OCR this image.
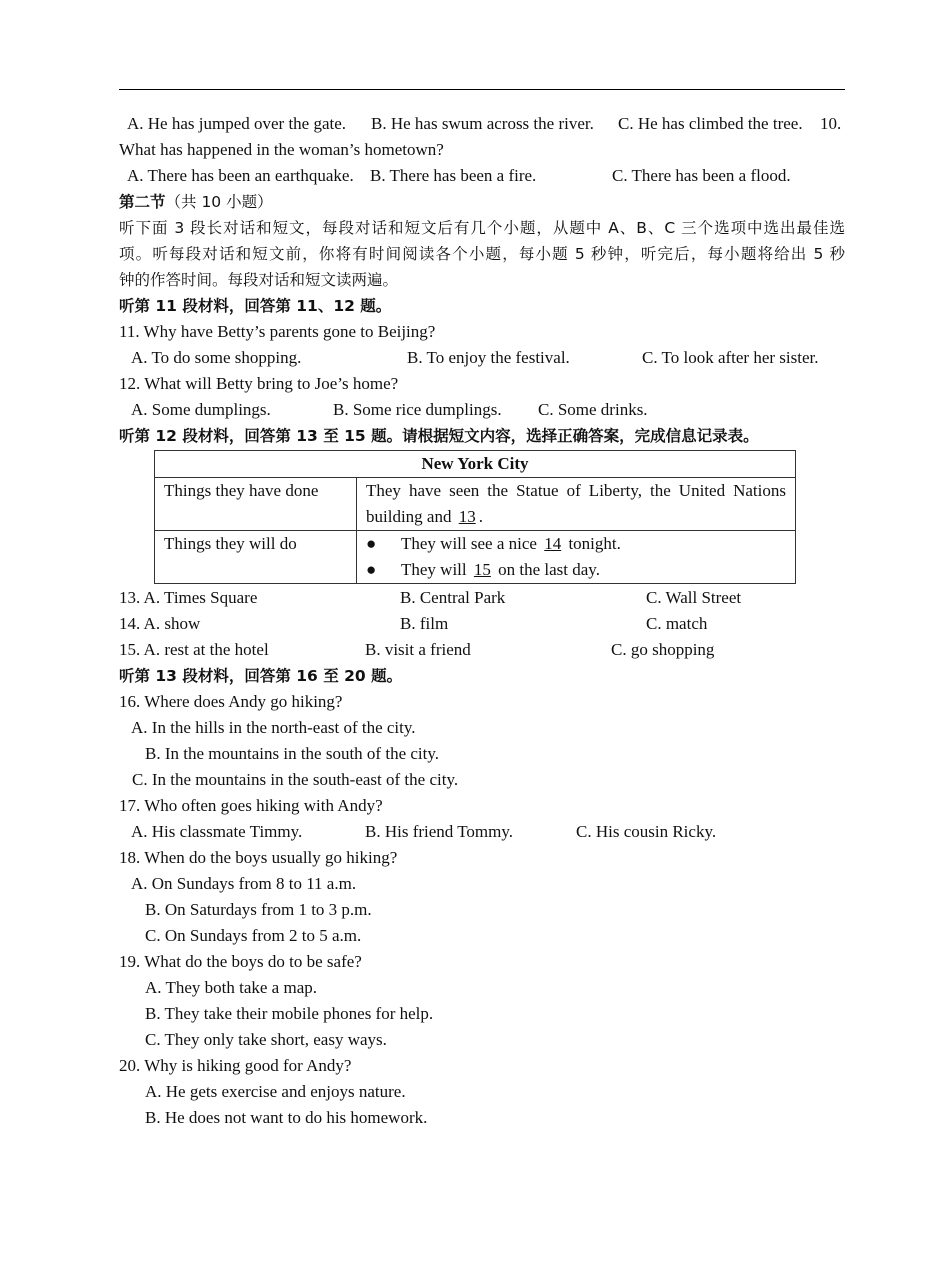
A. He has jumped over the gate. B. He has swum across the river. C. He has climbed the tree. 10.
What has happened in the woman’s hometown?
A. There has been an earthquake. B. There has been a fire.	C. There has been a flood.
第二节（共 10 小题）
听下面 3 段长对话和短文，每段对话和短文后有几个小题，从题中 A、B、C 三个选项中选出最佳选
项。听每段对话和短文前，你将有时间阅读各个小题，每小题 5 秒钟，听完后，每小题将给出 5 秒
钟的作答时间。每段对话和短文读两遍。
听第 11 段材料，回答第 11、12 题。
11. Why have Betty’s parents gone to Beijing?
A. To do some shopping.	B. To enjoy the festival.	C. To look after her sister.
12. What will Betty bring to Joe’s home?
A. Some dumplings.	B. Some rice dumplings. C. Some drinks.
听第 12 段材料，回答第 13 至 15 题。请根据短文内容，选择正确答案，完成信息记录表。
New York City	
Things they have done	They have seen the Statue of Liberty, the United Nations
building and 13 .

Things they will do	● They will see a nice 14 tonight.
● They will 15 on the last day.
13. A. Times Square	B. Central Park	C. Wall Street
14. A. show	B. film	C. match
15. A. rest at the hotel	B. visit a friend	C. go shopping
听第 13 段材料，回答第 16 至 20 题。
16. Where does Andy go hiking?
A. In the hills in the north-east of the city.
B. In the mountains in the south of the city.
C. In the mountains in the south-east of the city.
17. Who often goes hiking with Andy?
A. His classmate Timmy.	B. His friend Tommy.	C. His cousin Ricky.
18. When do the boys usually go hiking?
A. On Sundays from 8 to 11 a.m.
B. On Saturdays from 1 to 3 p.m.
C. On Sundays from 2 to 5 a.m.
19. What do the boys do to be safe?
A. They both take a map.
B. They take their mobile phones for help.
C. They only take short, easy ways.
20. Why is hiking good for Andy?
A. He gets exercise and enjoys nature.
B. He does not want to do his homework.
